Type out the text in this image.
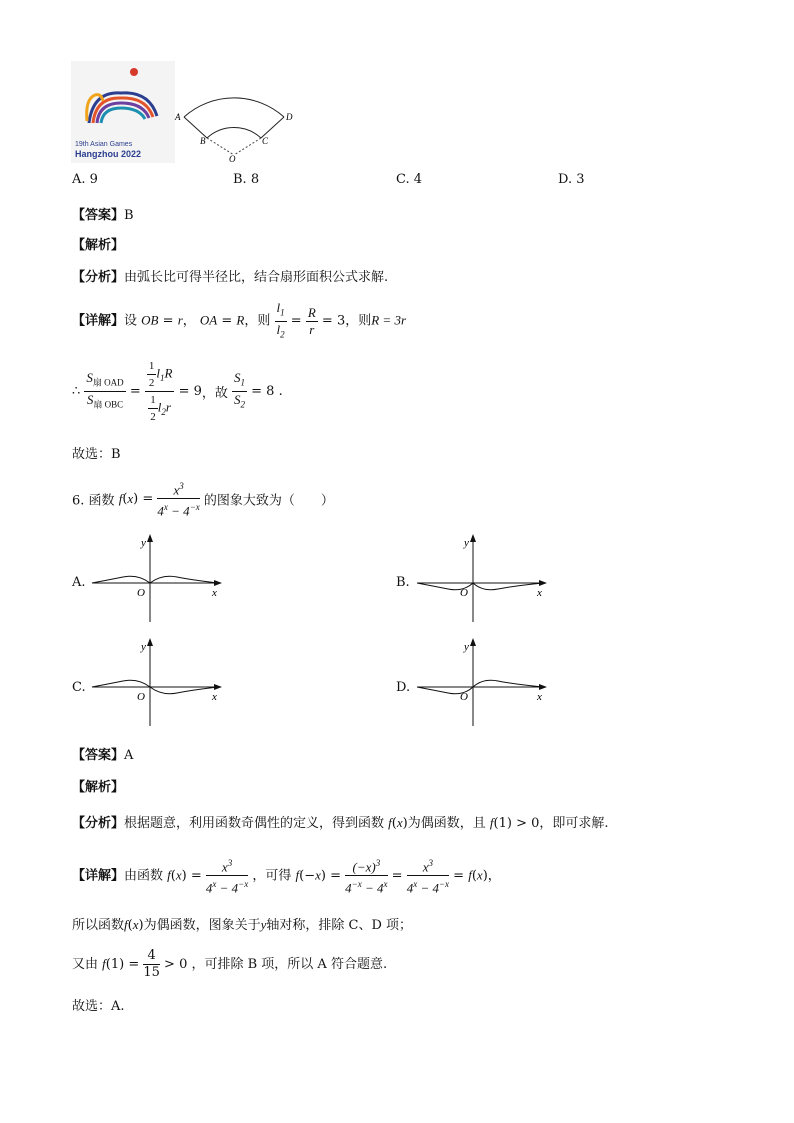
19th Asian Games
Hangzhou 2022
A	D
B	C
O
A. 9	B. 8	C. 4	D. 3
【答案】B
【解析】
【分析】由弧长比可得半径比，结合扇形面积公式求解.
【详解】设 OB = r， OA = R，则 $\frac{l_1}{l_2} = \frac{R}{r} = 3$，则R = 3r
∴ $\frac{S_{扇 OAD}}{S_{扇 OBC}} = \frac{\frac{1}{2} l_1R}{\frac{1}{2} l_2r} = 9$，故 $\frac{S_1}{S_2} = 8$ .
故选：B
6. 函数 $f(x) = \frac{x^3}{4^x - 4^{-x}}$ 的图象大致为（　　）
A.	B.
C.	D.
y
x
O
y
x
O
y
x
O
y
x
O
【答案】A
【解析】
【分析】根据题意，利用函数奇偶性的定义，得到函数 f(x)为偶函数，且 f(1) > 0，即可求解.
【详解】由函数 $f(x) = \frac{x^3}{4^x - 4^{-x}}$ ，可得 $f(-x) = \frac{(-x)^3}{4^{-x} - 4^x} = \frac{x^3}{4^x - 4^{-x}} = f(x)$，
所以函数f(x)为偶函数，图象关于y轴对称，排除 C、D 项；
又由 $f(1) = \frac{4}{15} > 0$ ，可排除 B 项，所以 A 符合题意.
故选：A.
